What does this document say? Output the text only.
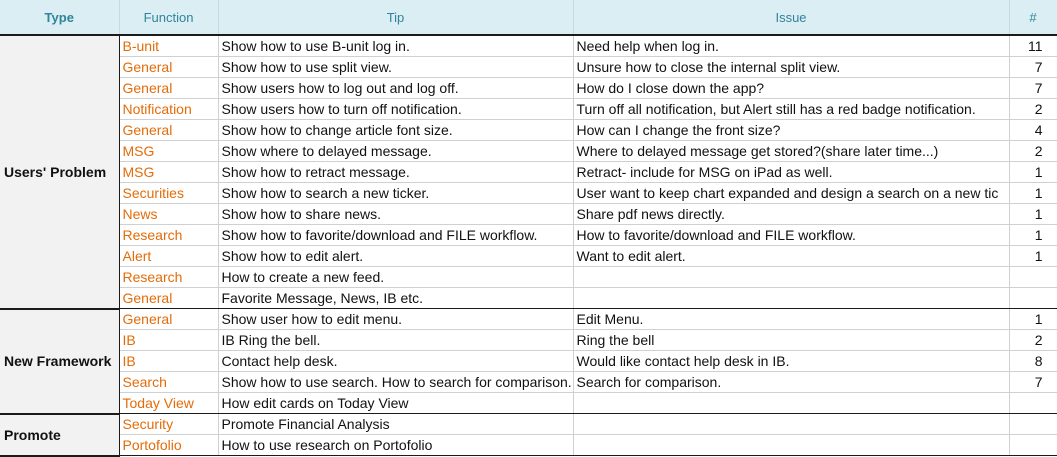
Type	Function	Tip	Issue	#
Users' Problem	B-unit	Show how to use B-unit log in.	Need help when log in.	11
	General	Show how to use split view.	Unsure how to close the internal split view.	7
	General	Show users how to log out and log off.	How do I close down the app?	7
	Notification	Show users how to turn off notification.	Turn off all notification, but Alert still has a red badge notification.	2
	General	Show how to change article font size.	How can I change the front size?	4
	MSG	Show where to delayed message.	Where to delayed message get stored?(share later time...)	2
	MSG	Show how to retract message.	Retract- include for MSG on iPad as well.	1
	Securities	Show how to search a new ticker.	User want to keep chart expanded and design a search on a new tic	1
	News	Show how to share news.	Share pdf news directly.	1
	Research	Show how to favorite/download and FILE workflow.	How to favorite/download and FILE workflow.	1
	Alert	Show how to edit alert.	Want to edit alert.	1
	Research	How to create a new feed.		
	General	Favorite Message, News, IB etc.		
New Framework	General	Show user how to edit menu.	Edit Menu.	1
	IB	IB Ring the bell.	Ring the bell	2
	IB	Contact help desk.	Would like contact help desk in IB.	8
	Search	Show how to use search. How to search for comparison.	Search for comparison.	7
	Today View	How edit cards on Today View		
Promote	Security	Promote Financial Analysis		
	Portofolio	How to use research on Portofolio		
